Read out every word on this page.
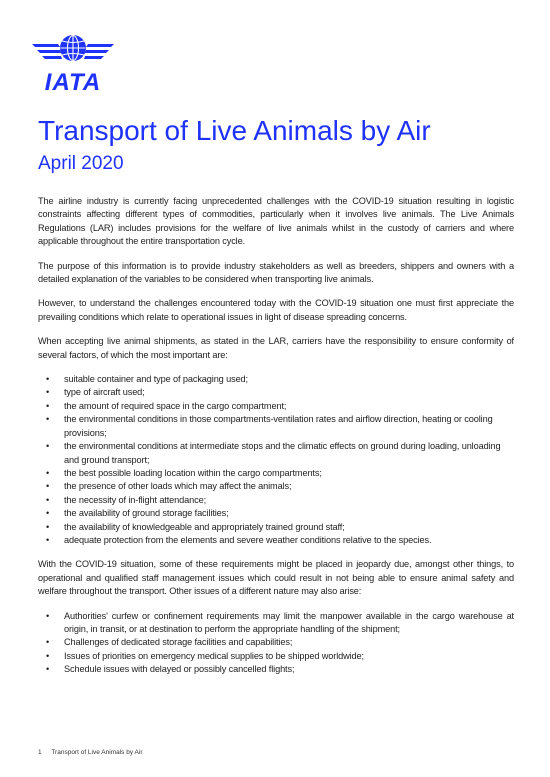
IATA
Transport of Live Animals by Air
April 2020

The airline industry is currently facing unprecedented challenges with the COVID-19 situation resulting in logistic constraints affecting different types of commodities, particularly when it involves live animals. The Live Animals Regulations (LAR) includes provisions for the welfare of live animals whilst in the custody of carriers and where applicable throughout the entire transportation cycle.

The purpose of this information is to provide industry stakeholders as well as breeders, shippers and owners with a detailed explanation of the variables to be considered when transporting live animals.

However, to understand the challenges encountered today with the COVID-19 situation one must first appreciate the prevailing conditions which relate to operational issues in light of disease spreading concerns.

When accepting live animal shipments, as stated in the LAR, carriers have the responsibility to ensure conformity of several factors, of which the most important are:

• suitable container and type of packaging used;
• type of aircraft used;
• the amount of required space in the cargo compartment;
• the environmental conditions in those compartments-ventilation rates and airflow direction, heating or cooling provisions;
• the environmental conditions at intermediate stops and the climatic effects on ground during loading, unloading and ground transport;
• the best possible loading location within the cargo compartments;
• the presence of other loads which may affect the animals;
• the necessity of in-flight attendance;
• the availability of ground storage facilities;
• the availability of knowledgeable and appropriately trained ground staff;
• adequate protection from the elements and severe weather conditions relative to the species.

With the COVID-19 situation, some of these requirements might be placed in jeopardy due, amongst other things, to operational and qualified staff management issues which could result in not being able to ensure animal safety and welfare throughout the transport. Other issues of a different nature may also arise:

• Authorities' curfew or confinement requirements may limit the manpower available in the cargo warehouse at origin, in transit, or at destination to perform the appropriate handling of the shipment;
• Challenges of dedicated storage facilities and capabilities;
• Issues of priorities on emergency medical supplies to be shipped worldwide;
• Schedule issues with delayed or possibly cancelled flights;
1 Transport of Live Animals by Air
